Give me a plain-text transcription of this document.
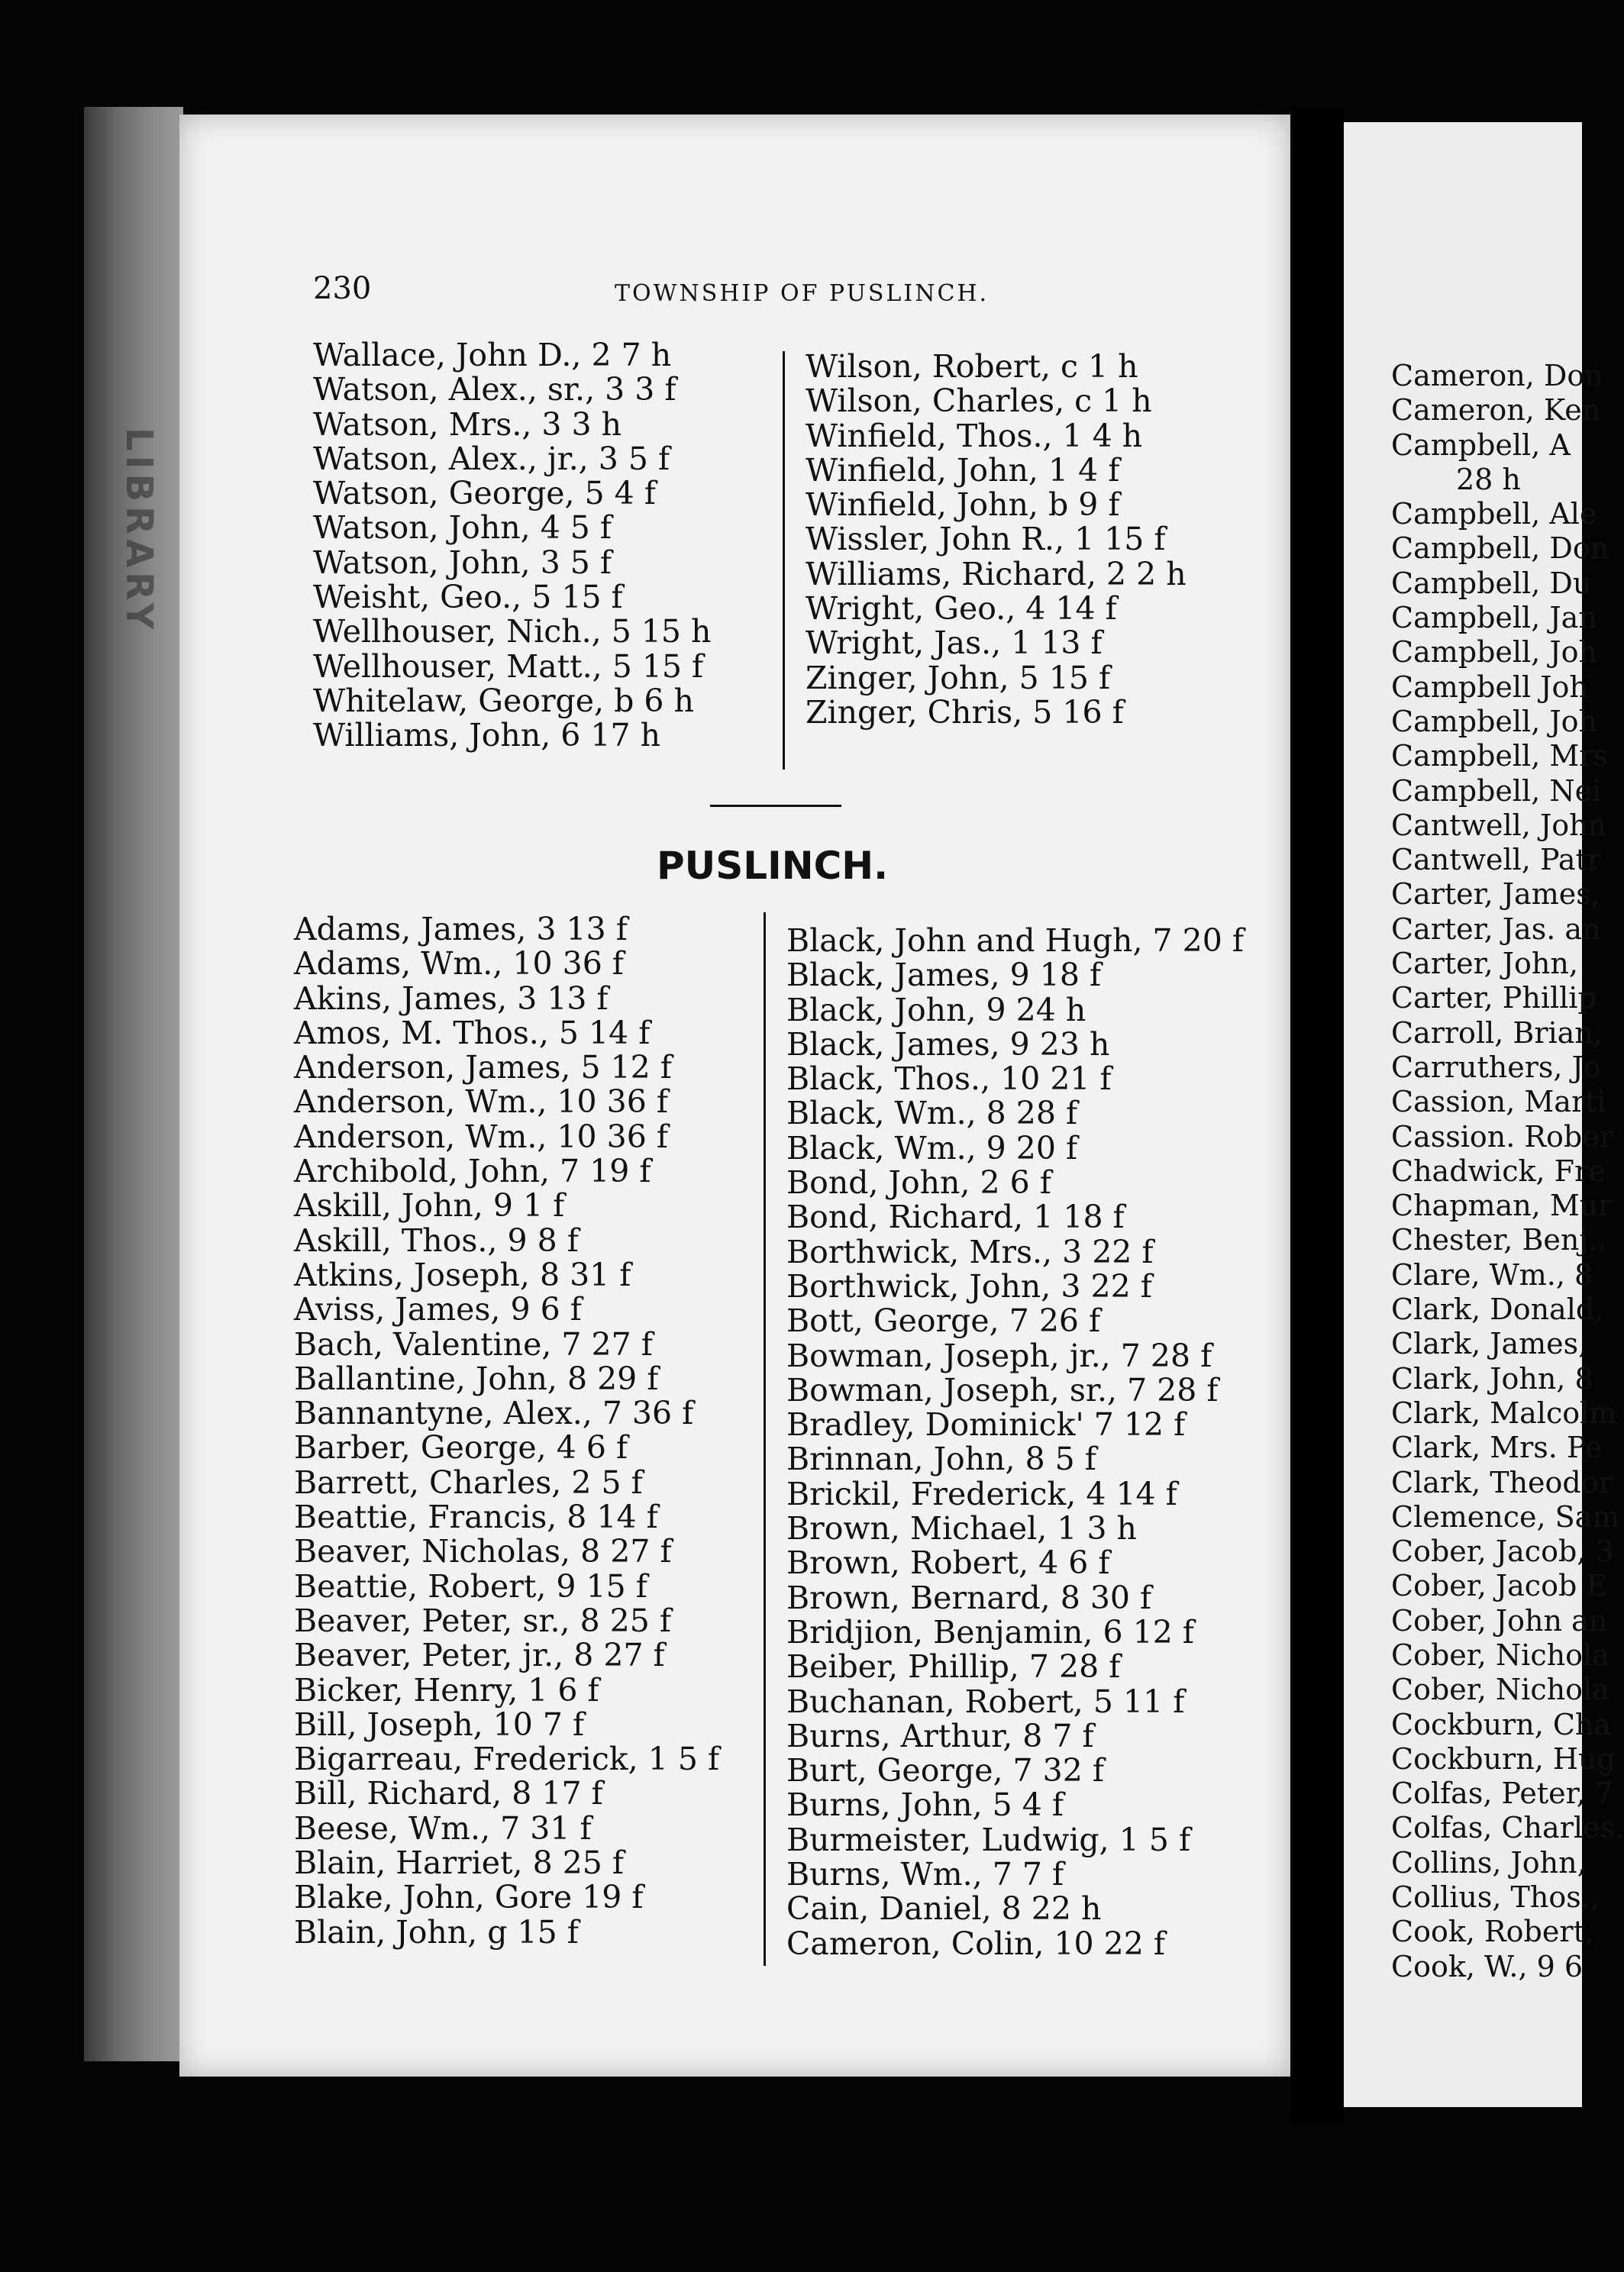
LIBRARY
230	TOWNSHIP OF PUSLINCH.
Wallace, John D., 2 7 h
Watson, Alex., sr., 3 3 f
Watson, Mrs., 3 3 h
Watson, Alex., jr., 3 5 f
Watson, George, 5 4 f
Watson, John, 4 5 f
Watson, John, 3 5 f
Weisht, Geo., 5 15 f
Wellhouser, Nich., 5 15 h
Wellhouser, Matt., 5 15 f
Whitelaw, George, b 6 h
Williams, John, 6 17 h
Wilson, Robert, c 1 h
Wilson, Charles, c 1 h
Winfield, Thos., 1 4 h
Winfield, John, 1 4 f
Winfield, John, b 9 f
Wissler, John R., 1 15 f
Williams, Richard, 2 2 h
Wright, Geo., 4 14 f
Wright, Jas., 1 13 f
Zinger, John, 5 15 f
Zinger, Chris, 5 16 f
PUSLINCH.
Adams, James, 3 13 f
Adams, Wm., 10 36 f
Akins, James, 3 13 f
Amos, M. Thos., 5 14 f
Anderson, James, 5 12 f
Anderson, Wm., 10 36 f
Anderson, Wm., 10 36 f
Archibold, John, 7 19 f
Askill, John, 9 1 f
Askill, Thos., 9 8 f
Atkins, Joseph, 8 31 f
Aviss, James, 9 6 f
Bach, Valentine, 7 27 f
Ballantine, John, 8 29 f
Bannantyne, Alex., 7 36 f
Barber, George, 4 6 f
Barrett, Charles, 2 5 f
Beattie, Francis, 8 14 f
Beaver, Nicholas, 8 27 f
Beattie, Robert, 9 15 f
Beaver, Peter, sr., 8 25 f
Beaver, Peter, jr., 8 27 f
Bicker, Henry, 1 6 f
Bill, Joseph, 10 7 f
Bigarreau, Frederick, 1 5 f
Bill, Richard, 8 17 f
Beese, Wm., 7 31 f
Blain, Harriet, 8 25 f
Blake, John, Gore 19 f
Blain, John, g 15 f
Black, John and Hugh, 7 20 f
Black, James, 9 18 f
Black, John, 9 24 h
Black, James, 9 23 h
Black, Thos., 10 21 f
Black, Wm., 8 28 f
Black, Wm., 9 20 f
Bond, John, 2 6 f
Bond, Richard, 1 18 f
Borthwick, Mrs., 3 22 f
Borthwick, John, 3 22 f
Bott, George, 7 26 f
Bowman, Joseph, jr., 7 28 f
Bowman, Joseph, sr., 7 28 f
Bradley, Dominick' 7 12 f
Brinnan, John, 8 5 f
Brickil, Frederick, 4 14 f
Brown, Michael, 1 3 h
Brown, Robert, 4 6 f
Brown, Bernard, 8 30 f
Bridjion, Benjamin, 6 12 f
Beiber, Phillip, 7 28 f
Buchanan, Robert, 5 11 f
Burns, Arthur, 8 7 f
Burt, George, 7 32 f
Burns, John, 5 4 f
Burmeister, Ludwig, 1 5 f
Burns, Wm., 7 7 f
Cain, Daniel, 8 22 h
Cameron, Colin, 10 22 f
Cameron, Don
Cameron, Ken
Campbell, A
28 h
Campbell, Ale
Campbell, Don
Campbell, Du
Campbell, Jan
Campbell, Joh
Campbell Joh
Campbell, Joh
Campbell, Mrs
Campbell, Nei
Cantwell, John
Cantwell, Patr
Carter, James,
Carter, Jas. an
Carter, John,
Carter, Phillip
Carroll, Brian,
Carruthers, Jo
Cassion, Marti
Cassion. Rober
Chadwick, Fre
Chapman, Mur
Chester, Benj.,
Clare, Wm., 8
Clark, Donald,
Clark, James,
Clark, John, 8
Clark, Malcolm
Clark, Mrs. Pe
Clark, Theodor
Clemence, Sam
Cober, Jacob, 3
Cober, Jacob E
Cober, John an
Cober, Nichola
Cober, Nichola
Cockburn, Cha
Cockburn, Hug
Colfas, Peter, 7
Colfas, Charles.
Collins, John,
Collius, Thos.,
Cook, Robert,
Cook, W., 9 6
